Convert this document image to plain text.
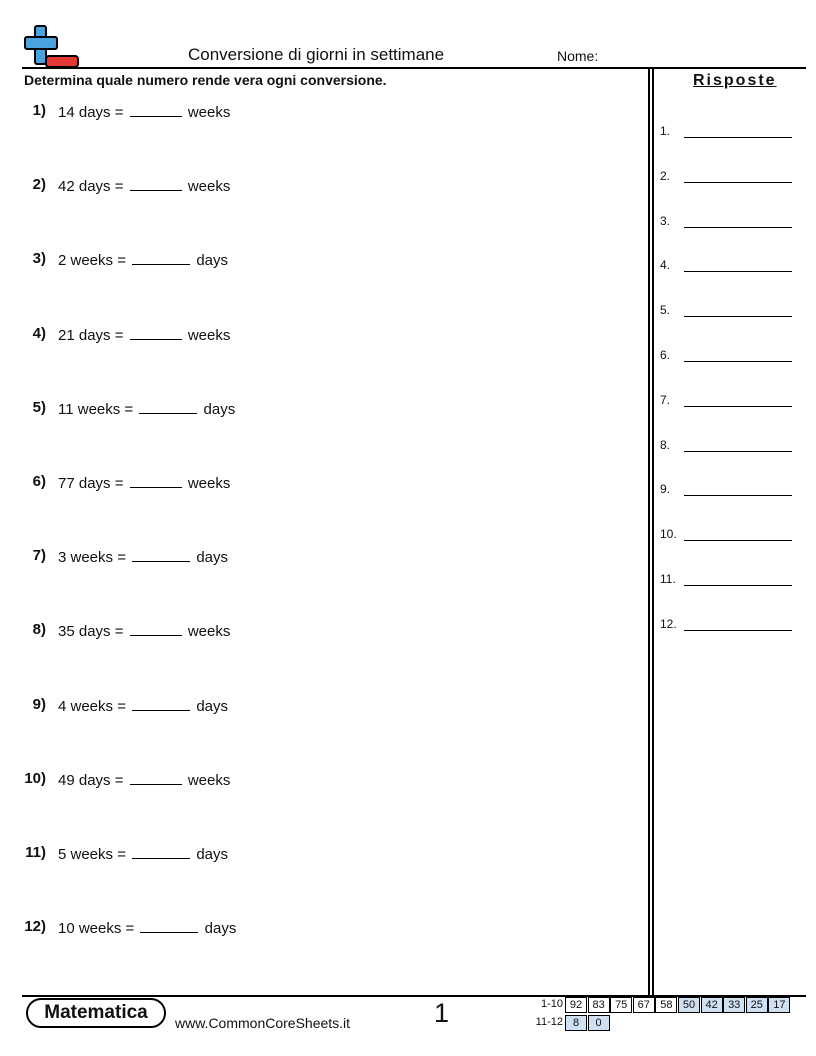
Conversione di giorni in settimane	Nome:
Determina quale numero rende vera ogni conversione.	Risposte
1) 14 days =	weeks
2) 42 days =	weeks
3) 2 weeks =	days
4) 21 days =	weeks
5) 11 weeks =	days
6) 77 days =	weeks
7) 3 weeks =	days
8) 35 days =	weeks
9) 4 weeks =	days
10) 49 days =	weeks
11) 5 weeks =	days
12) 10 weeks =	days
1.
2.
3.
4.
5.
6.
7.
8.
9.
10.
11.
12.
Matematica	www.CommonCoreSheets.it	1	1-10 92 83 75 67 58 50 42 33 25 17
11-12 8	0
